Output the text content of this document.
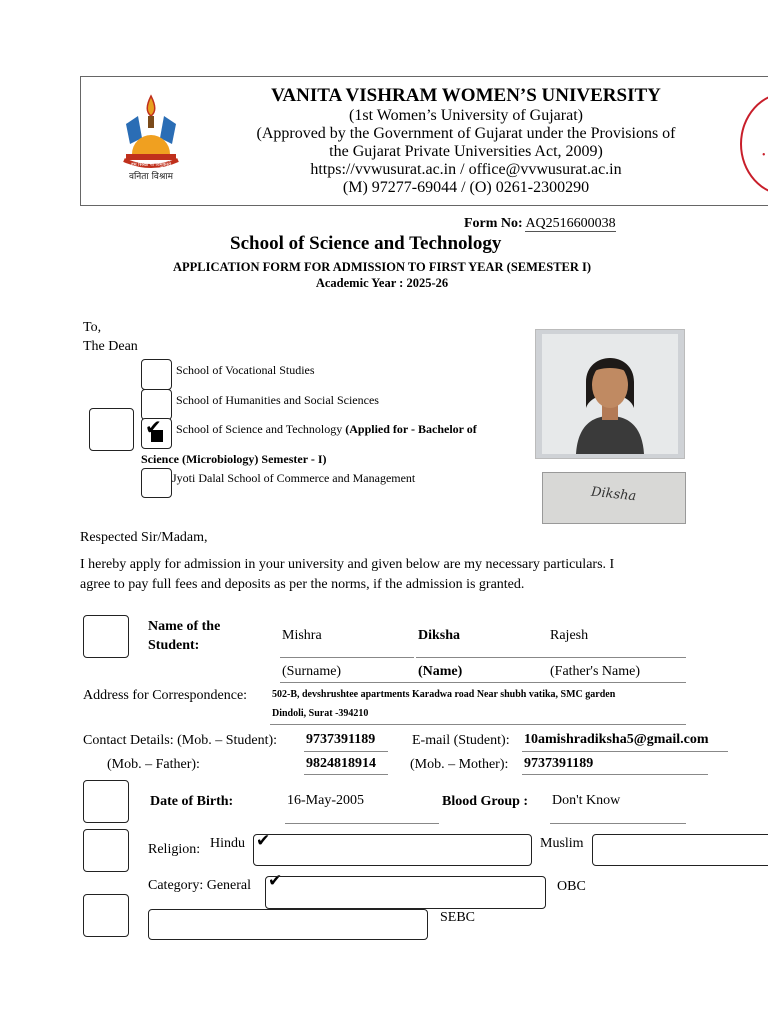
हम सिखा पा विमुक्तये
वनिता विश्राम
VANITA VISHRAM WOMEN’S UNIVERSITY
(1st Women’s University of Gujarat)
(Approved by the Government of Gujarat under the Provisions of
the Gujarat Private Universities Act, 2009)
https://vvwusurat.ac.in / office@vvwusurat.ac.in
(M) 97277-69044 / (O) 0261-2300290
•
Form No: AQ2516600038
School of Science and Technology
APPLICATION FORM FOR ADMISSION TO FIRST YEAR (SEMESTER I)
Academic Year : 2025-26
To,
The Dean
School of Vocational Studies
School of Humanities and Social Sciences
✔ School of Science and Technology (Applied for - Bachelor of
Science (Microbiology) Semester - I)
Jyoti Dalal School of Commerce and Management
Diksha
Respected Sir/Madam,
I hereby apply for admission in your university and given below are my necessary particulars. I
agree to pay full fees and deposits as per the norms, if the admission is granted.
Name of the
Student:
Mishra	Diksha	Rajesh
(Surname)	(Name)	(Father's Name)
Address for Correspondence: 502-B, devshrushtee apartments Karadwa road Near shubh vatika, SMC garden
Dindoli, Surat -394210
Contact Details: (Mob. – Student): 9737391189	E-mail (Student): 10amishradiksha5@gmail.com
(Mob. – Father):	9824818914 (Mob. – Mother): 9737391189
Date of Birth:	16-May-2005	Blood Group : Don't Know
Religion: Hindu ✔	Muslim
Category: General ✔	OBC
SEBC
